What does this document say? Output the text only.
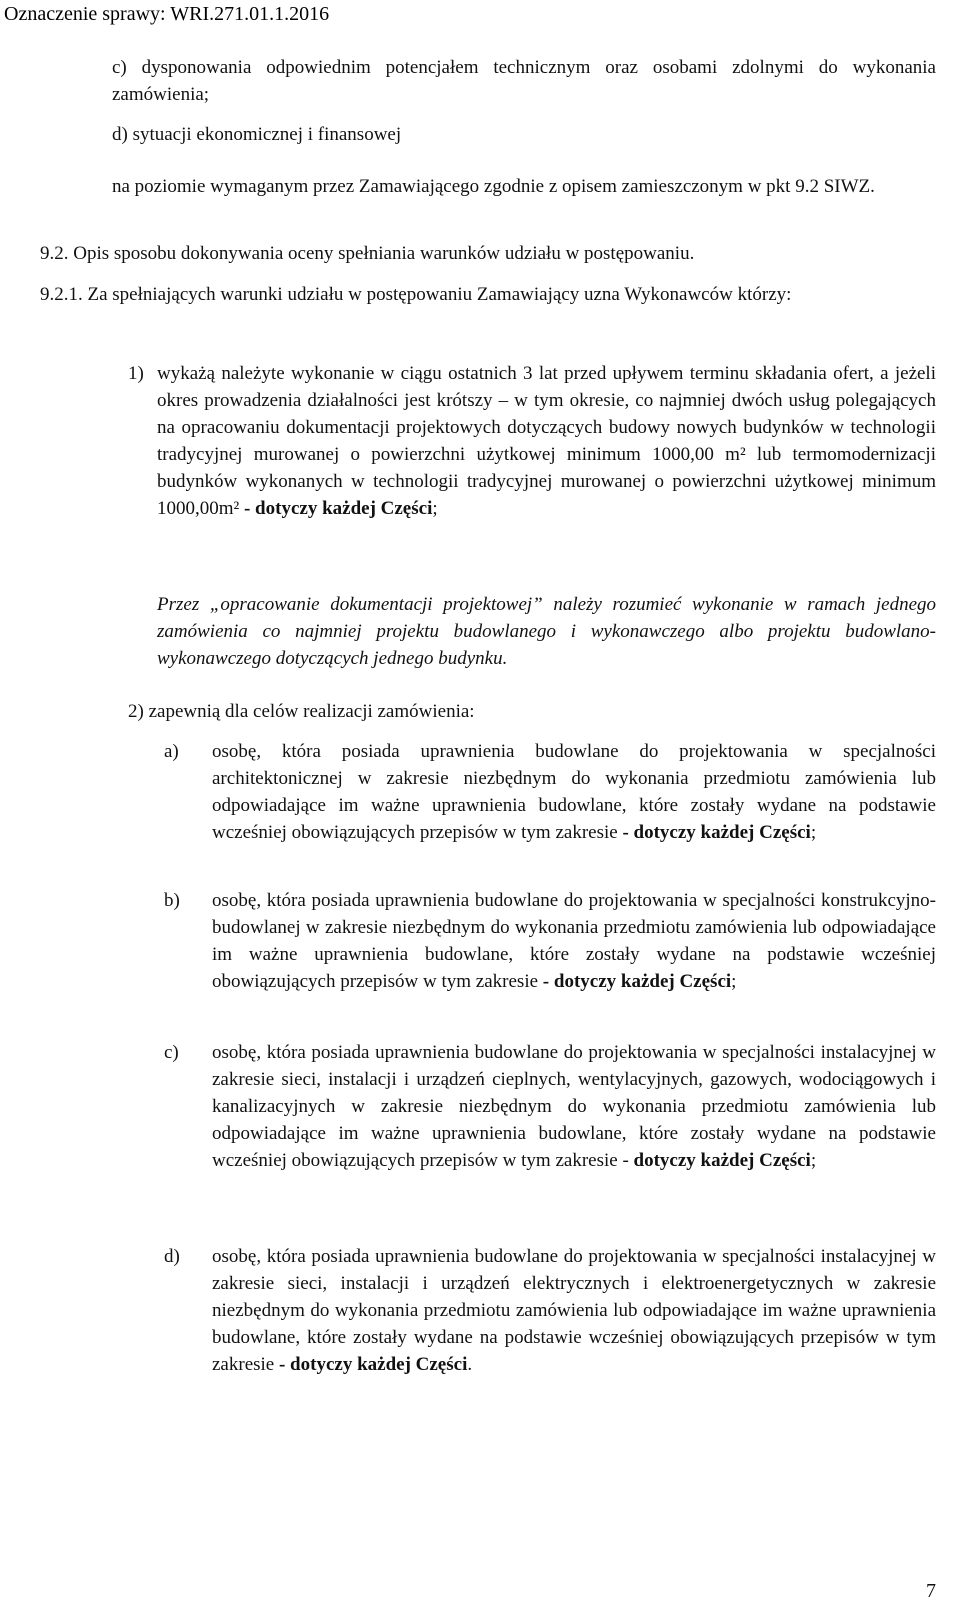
Oznaczenie sprawy: WRI.271.01.1.2016

c) dysponowania odpowiednim potencjałem technicznym oraz osobami zdolnymi do wykonania zamówienia;

d) sytuacji ekonomicznej i finansowej

na poziomie wymaganym przez Zamawiającego zgodnie z opisem zamieszczonym w pkt 9.2 SIWZ.

9.2. Opis sposobu dokonywania oceny spełniania warunków udziału w postępowaniu.

9.2.1. Za spełniających warunki udziału w postępowaniu Zamawiający uzna Wykonawców którzy:

1) wykażą należyte wykonanie w ciągu ostatnich 3 lat przed upływem terminu składania ofert, a jeżeli okres prowadzenia działalności jest krótszy – w tym okresie, co najmniej dwóch usług polegających na opracowaniu dokumentacji projektowych dotyczących budowy nowych budynków w technologii tradycyjnej murowanej o powierzchni użytkowej minimum 1000,00 m² lub termomodernizacji budynków wykonanych w technologii tradycyjnej murowanej o powierzchni użytkowej minimum 1000,00m² - dotyczy każdej Części;

Przez „opracowanie dokumentacji projektowej” należy rozumieć wykonanie w ramach jednego zamówienia co najmniej projektu budowlanego i wykonawczego albo projektu budowlano-wykonawczego dotyczących jednego budynku.

2) zapewnią dla celów realizacji zamówienia:

a) osobę, która posiada uprawnienia budowlane do projektowania w specjalności architektonicznej w zakresie niezbędnym do wykonania przedmiotu zamówienia lub odpowiadające im ważne uprawnienia budowlane, które zostały wydane na podstawie wcześniej obowiązujących przepisów w tym zakresie - dotyczy każdej Części;

b) osobę, która posiada uprawnienia budowlane do projektowania w specjalności konstrukcyjno-budowlanej w zakresie niezbędnym do wykonania przedmiotu zamówienia lub odpowiadające im ważne uprawnienia budowlane, które zostały wydane na podstawie wcześniej obowiązujących przepisów w tym zakresie - dotyczy każdej Części;

c) osobę, która posiada uprawnienia budowlane do projektowania w specjalności instalacyjnej w zakresie sieci, instalacji i urządzeń cieplnych, wentylacyjnych, gazowych, wodociągowych i kanalizacyjnych w zakresie niezbędnym do wykonania przedmiotu zamówienia lub odpowiadające im ważne uprawnienia budowlane, które zostały wydane na podstawie wcześniej obowiązujących przepisów w tym zakresie - dotyczy każdej Części;

d) osobę, która posiada uprawnienia budowlane do projektowania w specjalności instalacyjnej w zakresie sieci, instalacji i urządzeń elektrycznych i elektroenergetycznych w zakresie niezbędnym do wykonania przedmiotu zamówienia lub odpowiadające im ważne uprawnienia budowlane, które zostały wydane na podstawie wcześniej obowiązujących przepisów w tym zakresie - dotyczy każdej Części.

7
